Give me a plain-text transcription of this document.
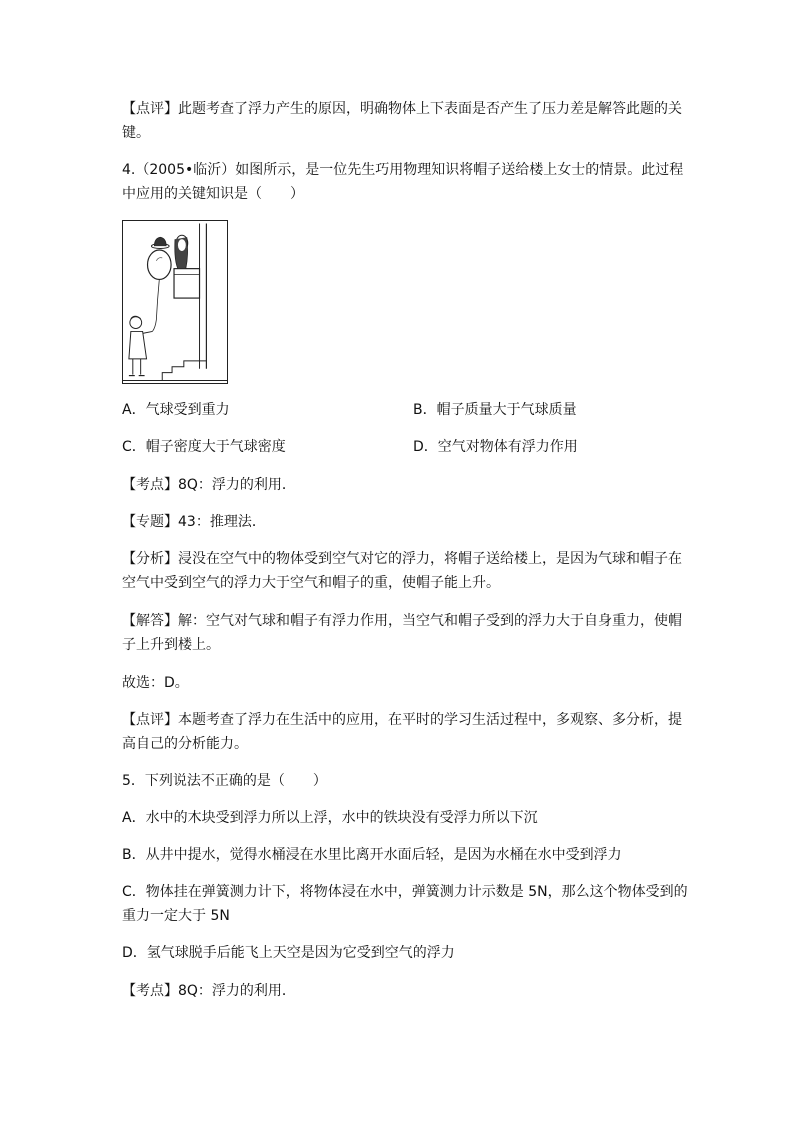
【点评】此题考查了浮力产生的原因，明确物体上下表面是否产生了压力差是解答此题的关
键。
4.（2005•临沂）如图所示，是一位先生巧用物理知识将帽子送给楼上女士的情景。此过程
中应用的关键知识是（　　）
A．气球受到重力	B．帽子质量大于气球质量
C．帽子密度大于气球密度	D．空气对物体有浮力作用
【考点】8Q：浮力的利用．
【专题】43：推理法．
【分析】浸没在空气中的物体受到空气对它的浮力，将帽子送给楼上，是因为气球和帽子在
空气中受到空气的浮力大于空气和帽子的重，使帽子能上升。
【解答】解：空气对气球和帽子有浮力作用，当空气和帽子受到的浮力大于自身重力，使帽
子上升到楼上。
故选：D。
【点评】本题考查了浮力在生活中的应用，在平时的学习生活过程中，多观察、多分析，提
高自己的分析能力。
5．下列说法不正确的是（　　）
A．水中的木块受到浮力所以上浮，水中的铁块没有受浮力所以下沉
B．从井中提水，觉得水桶浸在水里比离开水面后轻，是因为水桶在水中受到浮力
C．物体挂在弹簧测力计下，将物体浸在水中，弹簧测力计示数是 5N，那么这个物体受到的
重力一定大于 5N
D．氢气球脱手后能飞上天空是因为它受到空气的浮力
【考点】8Q：浮力的利用．
